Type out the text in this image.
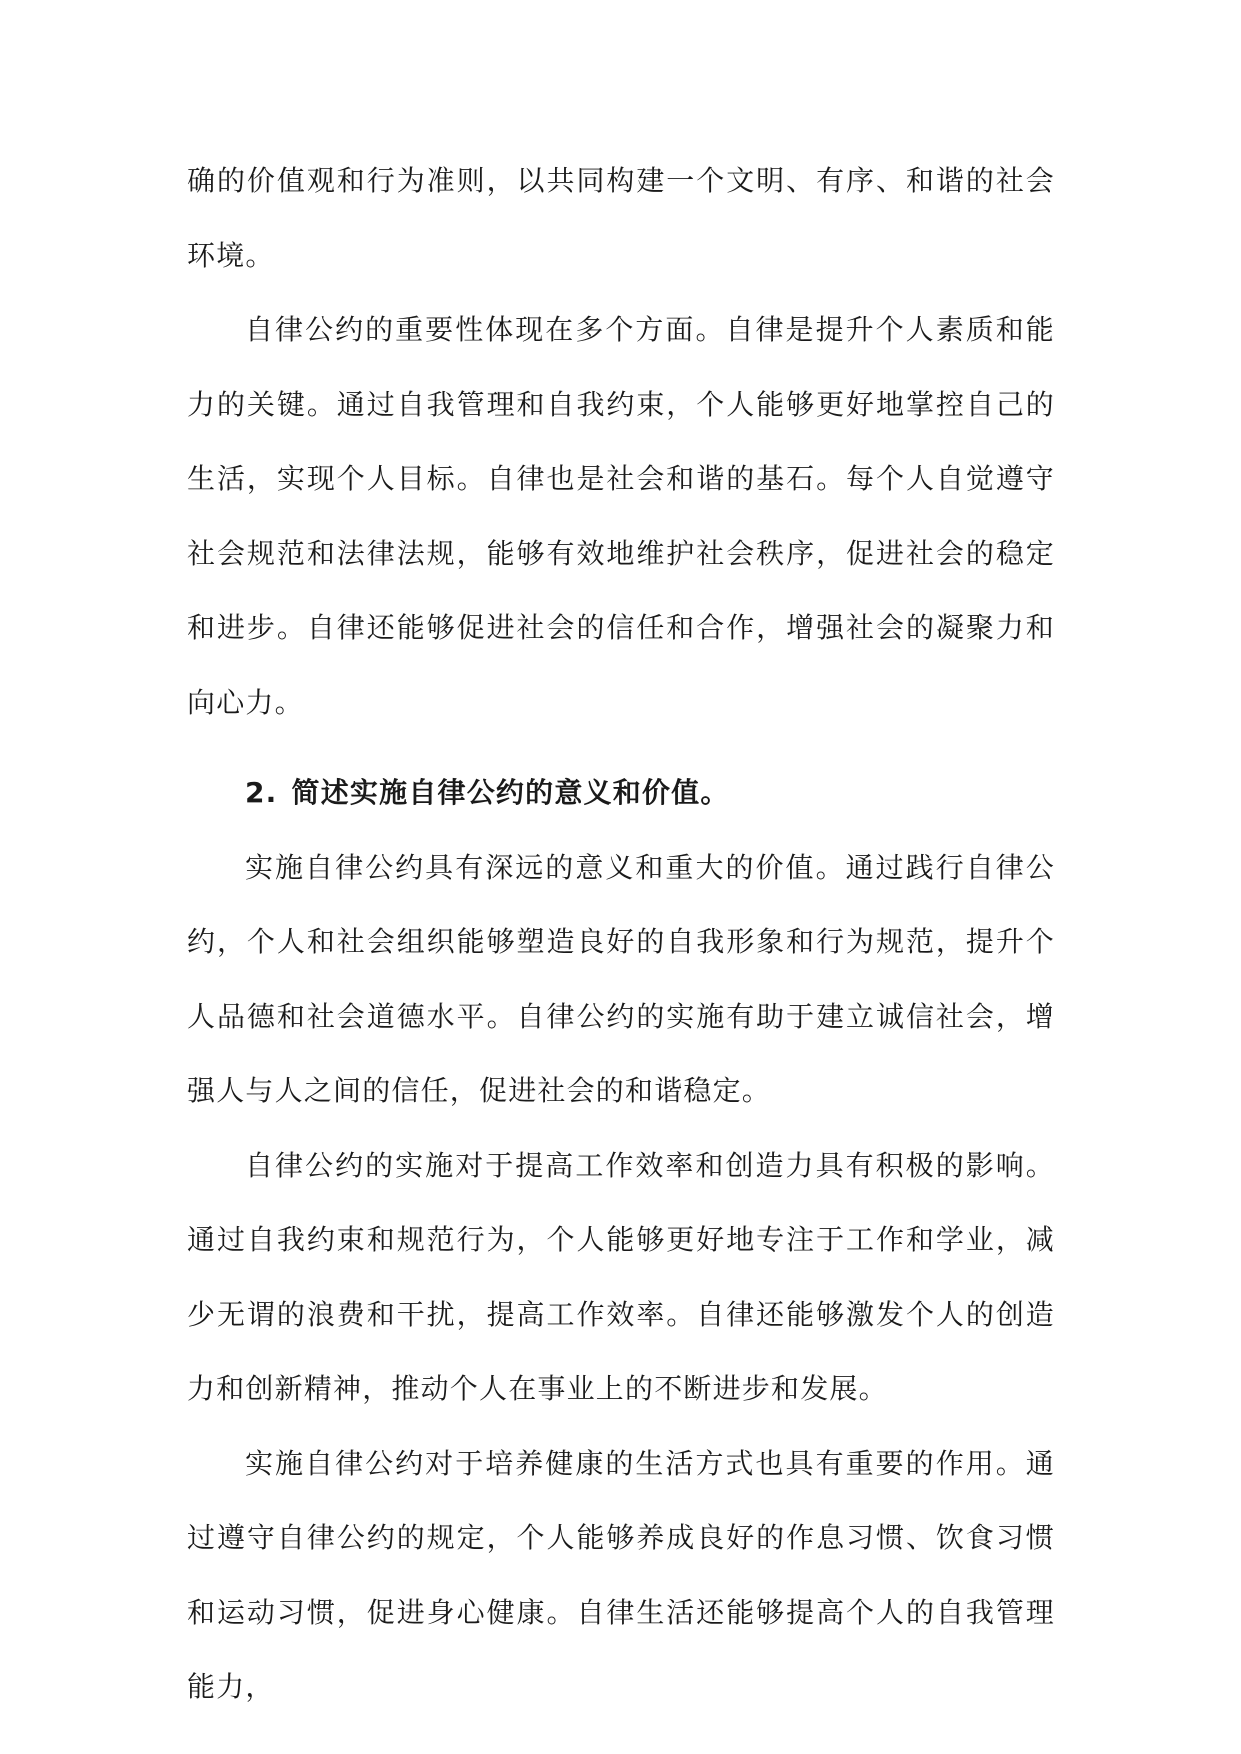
确的价值观和行为准则，以共同构建一个文明、有序、和谐的社会环境。

自律公约的重要性体现在多个方面。自律是提升个人素质和能力的关键。通过自我管理和自我约束，个人能够更好地掌控自己的生活，实现个人目标。自律也是社会和谐的基石。每个人自觉遵守社会规范和法律法规，能够有效地维护社会秩序，促进社会的稳定和进步。自律还能够促进社会的信任和合作，增强社会的凝聚力和向心力。

2. 简述实施自律公约的意义和价值。

实施自律公约具有深远的意义和重大的价值。通过践行自律公约，个人和社会组织能够塑造良好的自我形象和行为规范，提升个人品德和社会道德水平。自律公约的实施有助于建立诚信社会，增强人与人之间的信任，促进社会的和谐稳定。

自律公约的实施对于提高工作效率和创造力具有积极的影响。通过自我约束和规范行为，个人能够更好地专注于工作和学业，减少无谓的浪费和干扰，提高工作效率。自律还能够激发个人的创造力和创新精神，推动个人在事业上的不断进步和发展。

实施自律公约对于培养健康的生活方式也具有重要的作用。通过遵守自律公约的规定，个人能够养成良好的作息习惯、饮食习惯和运动习惯，促进身心健康。自律生活还能够提高个人的自我管理能力，
